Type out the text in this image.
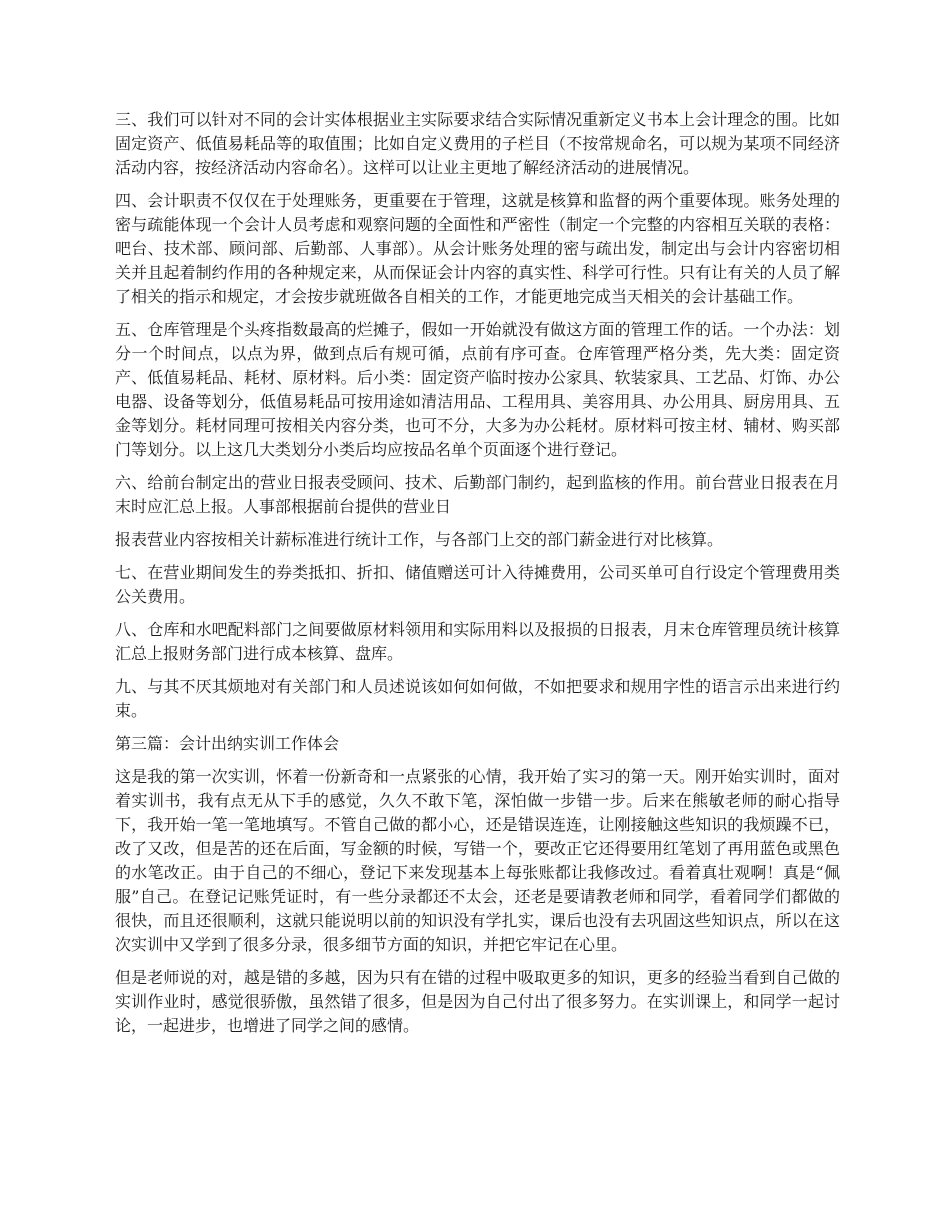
三、我们可以针对不同的会计实体根据业主实际要求结合实际情况重新定义书本上会计理念的围。比如固定资产、低值易耗品等的取值围；比如自定义费用的子栏目（不按常规命名，可以规为某项不同经济活动内容，按经济活动内容命名）。这样可以让业主更地了解经济活动的进展情况。

四、会计职责不仅仅在于处理账务，更重要在于管理，这就是核算和监督的两个重要体现。账务处理的密与疏能体现一个会计人员考虑和观察问题的全面性和严密性（制定一个完整的内容相互关联的表格：吧台、技术部、顾问部、后勤部、人事部）。从会计账务处理的密与疏出发，制定出与会计内容密切相关并且起着制约作用的各种规定来，从而保证会计内容的真实性、科学可行性。只有让有关的人员了解了相关的指示和规定，才会按步就班做各自相关的工作，才能更地完成当天相关的会计基础工作。

五、仓库管理是个头疼指数最高的烂摊子，假如一开始就没有做这方面的管理工作的话。一个办法：划分一个时间点，以点为界，做到点后有规可循，点前有序可查。仓库管理严格分类，先大类：固定资产、低值易耗品、耗材、原材料。后小类：固定资产临时按办公家具、软装家具、工艺品、灯饰、办公电器、设备等划分，低值易耗品可按用途如清洁用品、工程用具、美容用具、办公用具、厨房用具、五金等划分。耗材同理可按相关内容分类，也可不分，大多为办公耗材。原材料可按主材、辅材、购买部门等划分。以上这几大类划分小类后均应按品名单个页面逐个进行登记。

六、给前台制定出的营业日报表受顾问、技术、后勤部门制约，起到监核的作用。前台营业日报表在月末时应汇总上报。人事部根据前台提供的营业日

报表营业内容按相关计薪标准进行统计工作，与各部门上交的部门薪金进行对比核算。

七、在营业期间发生的券类抵扣、折扣、储值赠送可计入待摊费用，公司买单可自行设定个管理费用类公关费用。

八、仓库和水吧配料部门之间要做原材料领用和实际用料以及报损的日报表，月末仓库管理员统计核算汇总上报财务部门进行成本核算、盘库。

九、与其不厌其烦地对有关部门和人员述说该如何如何做，不如把要求和规用字性的语言示出来进行约束。

第三篇：会计出纳实训工作体会

这是我的第一次实训，怀着一份新奇和一点紧张的心情，我开始了实习的第一天。刚开始实训时，面对着实训书，我有点无从下手的感觉，久久不敢下笔，深怕做一步错一步。后来在熊敏老师的耐心指导下，我开始一笔一笔地填写。不管自己做的都小心，还是错误连连，让刚接触这些知识的我烦躁不已，改了又改，但是苦的还在后面，写金额的时候，写错一个，要改正它还得要用红笔划了再用蓝色或黑色的水笔改正。由于自己的不细心，登记下来发现基本上每张账都让我修改过。看着真壮观啊！真是“佩服”自己。在登记记账凭证时，有一些分录都还不太会，还老是要请教老师和同学，看着同学们都做的很快，而且还很顺利，这就只能说明以前的知识没有学扎实，课后也没有去巩固这些知识点，所以在这次实训中又学到了很多分录，很多细节方面的知识，并把它牢记在心里。

但是老师说的对，越是错的多越，因为只有在错的过程中吸取更多的知识，更多的经验当看到自己做的实训作业时，感觉很骄傲，虽然错了很多，但是因为自己付出了很多努力。在实训课上，和同学一起讨论，一起进步，也增进了同学之间的感情。
